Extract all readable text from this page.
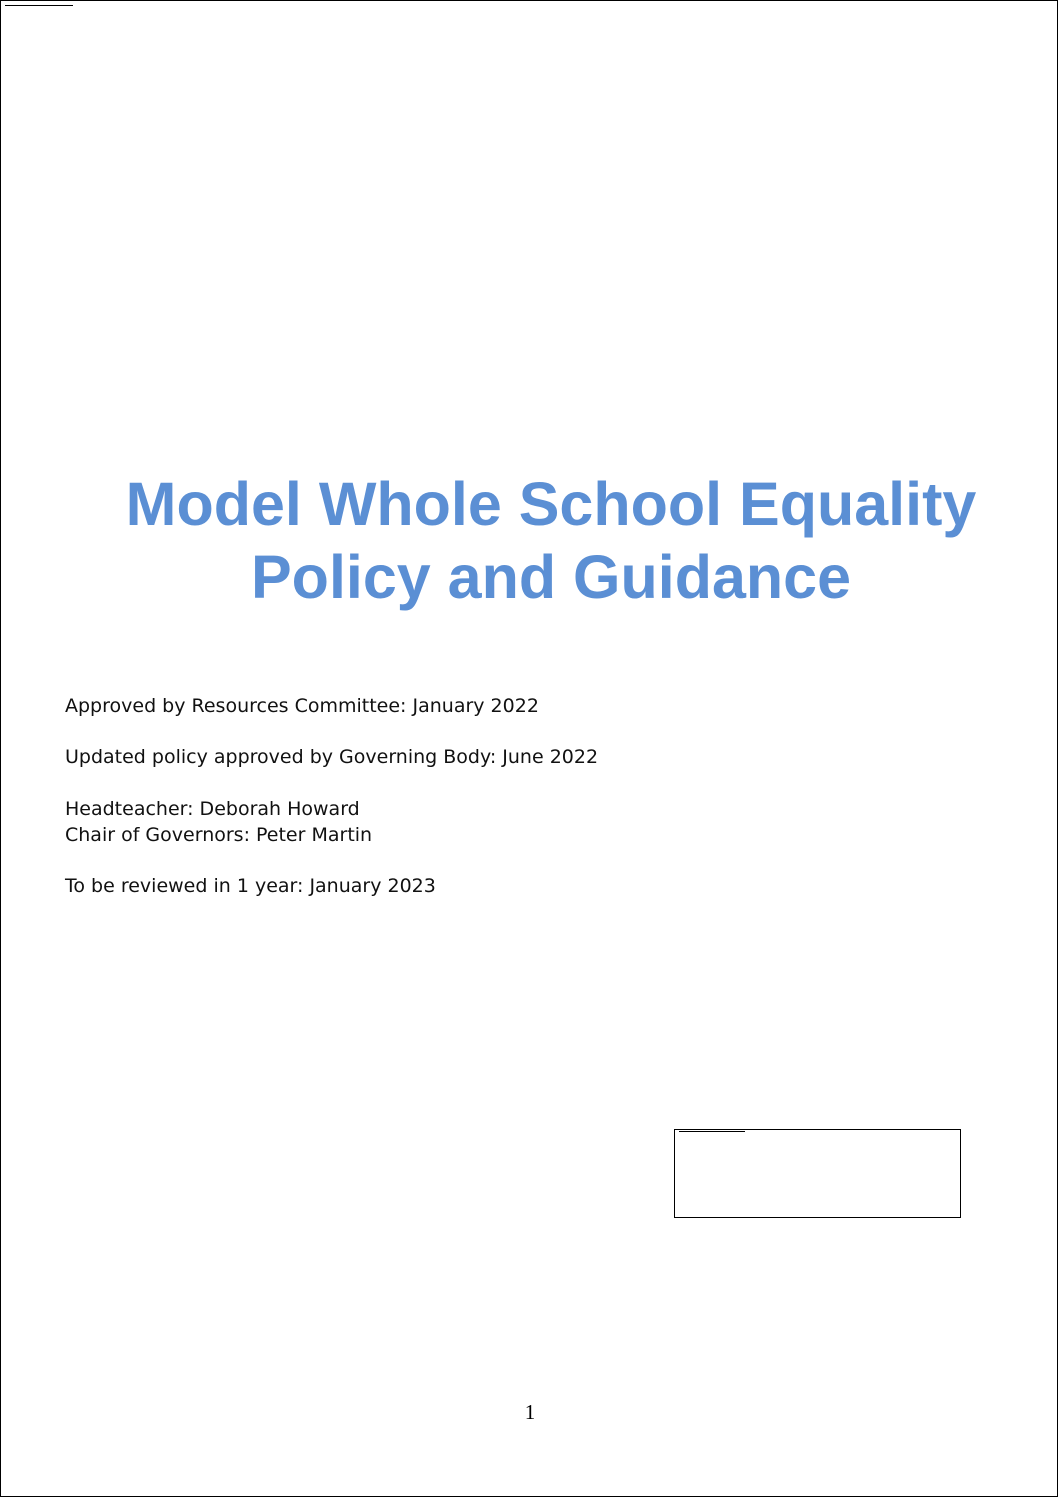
Model Whole School Equality
Policy and Guidance
Approved by Resources Committee: January 2022
Updated policy approved by Governing Body: June 2022
Headteacher: Deborah Howard
Chair of Governors: Peter Martin
To be reviewed in 1 year: January 2023
1
